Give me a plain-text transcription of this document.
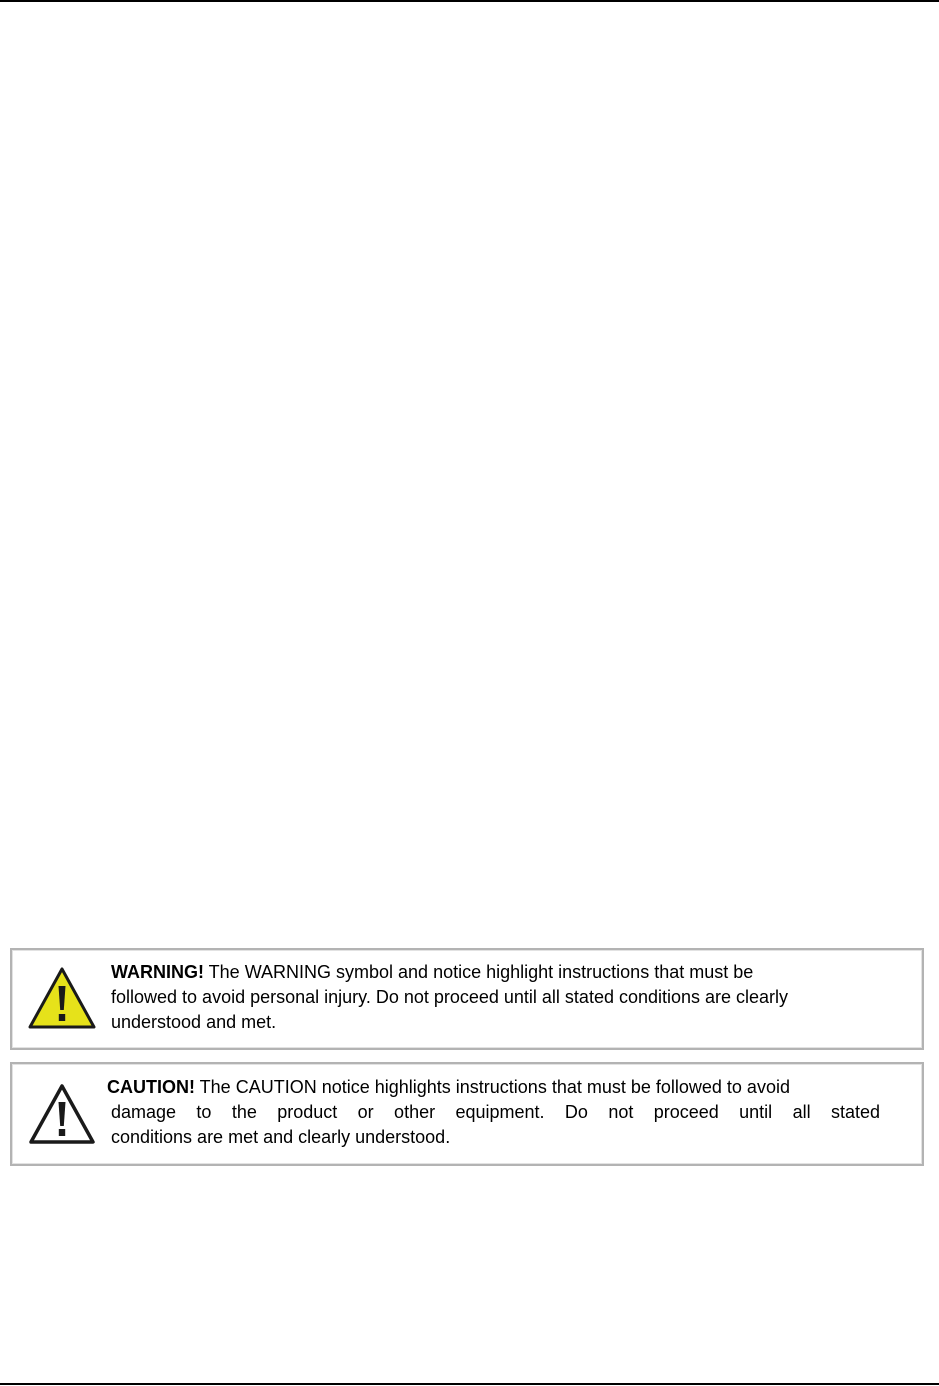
WARNING! The WARNING symbol and notice highlight instructions that must be
followed to avoid personal injury. Do not proceed until all stated conditions are clearly
understood and met.
CAUTION! The CAUTION notice highlights instructions that must be followed to avoid
damage to the product or other equipment. Do not proceed until all stated
conditions are met and clearly understood.
